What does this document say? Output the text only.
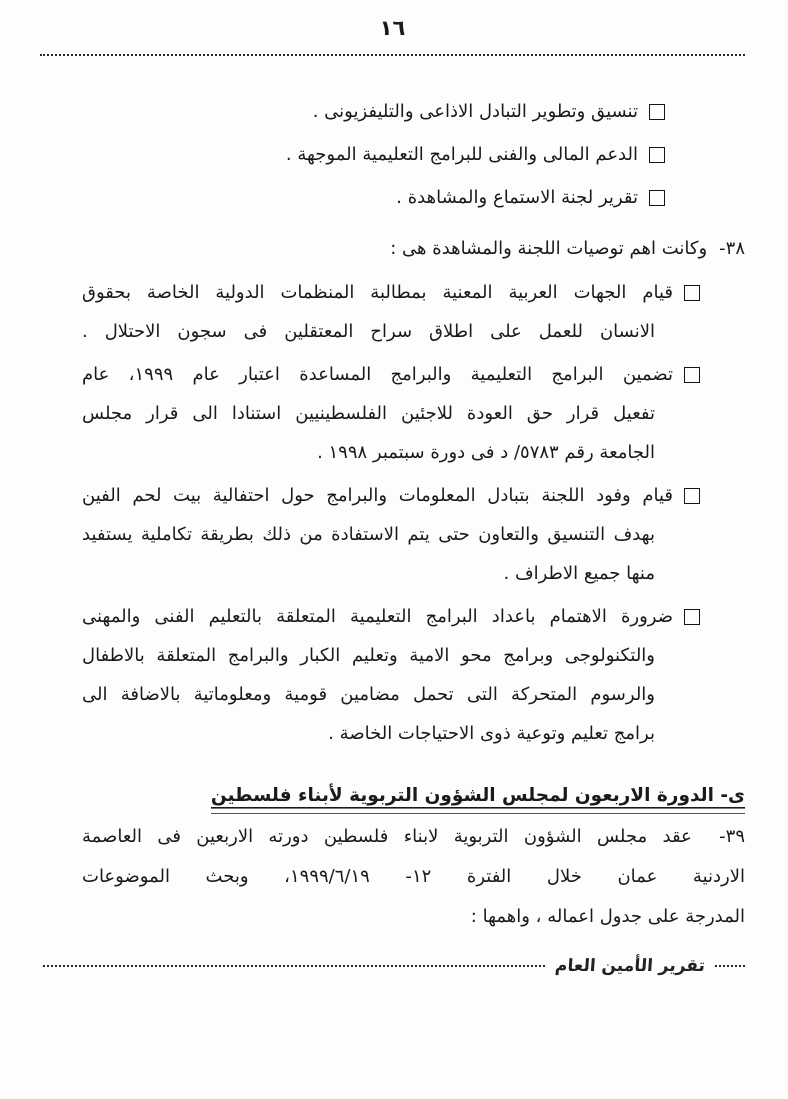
١٦
تنسيق وتطوير التبادل الاذاعى والتليفزيونى .
الدعم المالى والفنى للبرامج التعليمية الموجهة .
تقرير لجنة الاستماع والمشاهدة .
٣٨-وكانت اهم توصيات اللجنة والمشاهدة هى :
قيام الجهات العربية المعنية بمطالبة المنظمات الدولية الخاصة بحقوق
الانسان للعمل على اطلاق سراح المعتقلين فى سجون الاحتلال .
تضمين البرامج التعليمية والبرامج المساعدة اعتبار عام ١٩٩٩، عام
تفعيل قرار حق العودة للاجئين الفلسطينيين استنادا الى قرار مجلس
الجامعة رقم ٥٧٨٣/ د فى دورة سبتمبر ١٩٩٨ .
قيام وفود اللجنة بتبادل المعلومات والبرامج حول احتفالية بيت لحم الفين
بهدف التنسيق والتعاون حتى يتم الاستفادة من ذلك بطريقة تكاملية يستفيد
منها جميع الاطراف .
ضرورة الاهتمام باعداد البرامج التعليمية المتعلقة بالتعليم الفنى والمهنى
والتكنولوجى وبرامج محو الامية وتعليم الكبار والبرامج المتعلقة بالاطفال
والرسوم المتحركة التى تحمل مضامين قومية ومعلوماتية بالاضافة الى
برامج تعليم وتوعية ذوى الاحتياجات الخاصة .
ى- الدورة الاربعون لمجلس الشؤون التربوية لأبناء فلسطين
٣٩- عقد مجلس الشؤون التربوية لابناء فلسطين دورته الاربعين فى العاصمة
الاردنية عمان خلال الفترة ١٢- ١٩٩٩/٦/١٩، وبحث الموضوعات
المدرجة على جدول اعماله ، واهمها :
تقرير الأمين العام
